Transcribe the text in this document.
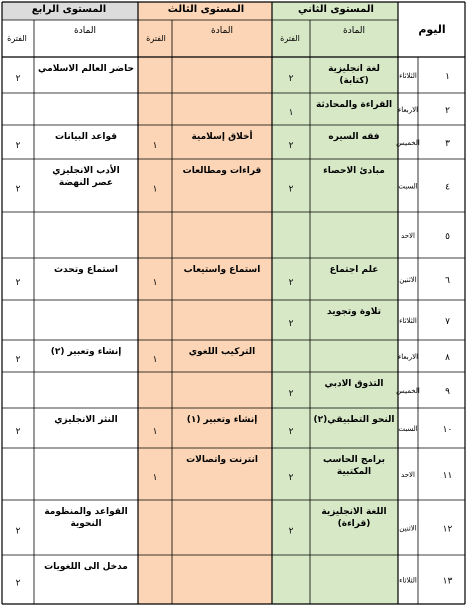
المستوى الرابع	المستوى الثالث	المستوى الثاني
اليوم
المادة
الفترة
المادة
الفترة
المادة
الفترة
١
الثلاثاء
لغة انجليزية
(كتابة)
٢
حاضر العالم الاسلامي
٢
٢
الاربعاء
القراءة والمحادثة
١
٣
الخميس
فقه السيره
٢
أخلاق إسلامية
١
قواعد البيانات
٢
٤
السبت
مبادئ الاحصاء
٢
قراءات ومطالعات
١
الأدب الانجليزي
عصر النهضة
٢
٥
الاحد
٦
الاثنين
علم اجتماع
٢
استماع واستيعاب
١
استماع وتحدث
٢
٧
الثلاثاء
تلاوة وتجويد
٢
٨
الاربعاء
التركيب اللغوي
١
إنشاء وتعبير (٢)
٢
٩
الخميس
التذوق الادبي
٢
١٠
السبت
النحو التطبيقي(٢)
٢
إنشاء وتعبير (١)
١
النثر الانجليزي
٢
١١
الاحد
برامج الحاسب
المكتبية
٢
انترنت واتصالات
١
١٢
الاثنين
اللغة الانجليزية
(قراءة)
٢
القواعد والمنظومة
النحوية
٢
١٣
الثلاثاء
مدخل الى اللغويات
٢
